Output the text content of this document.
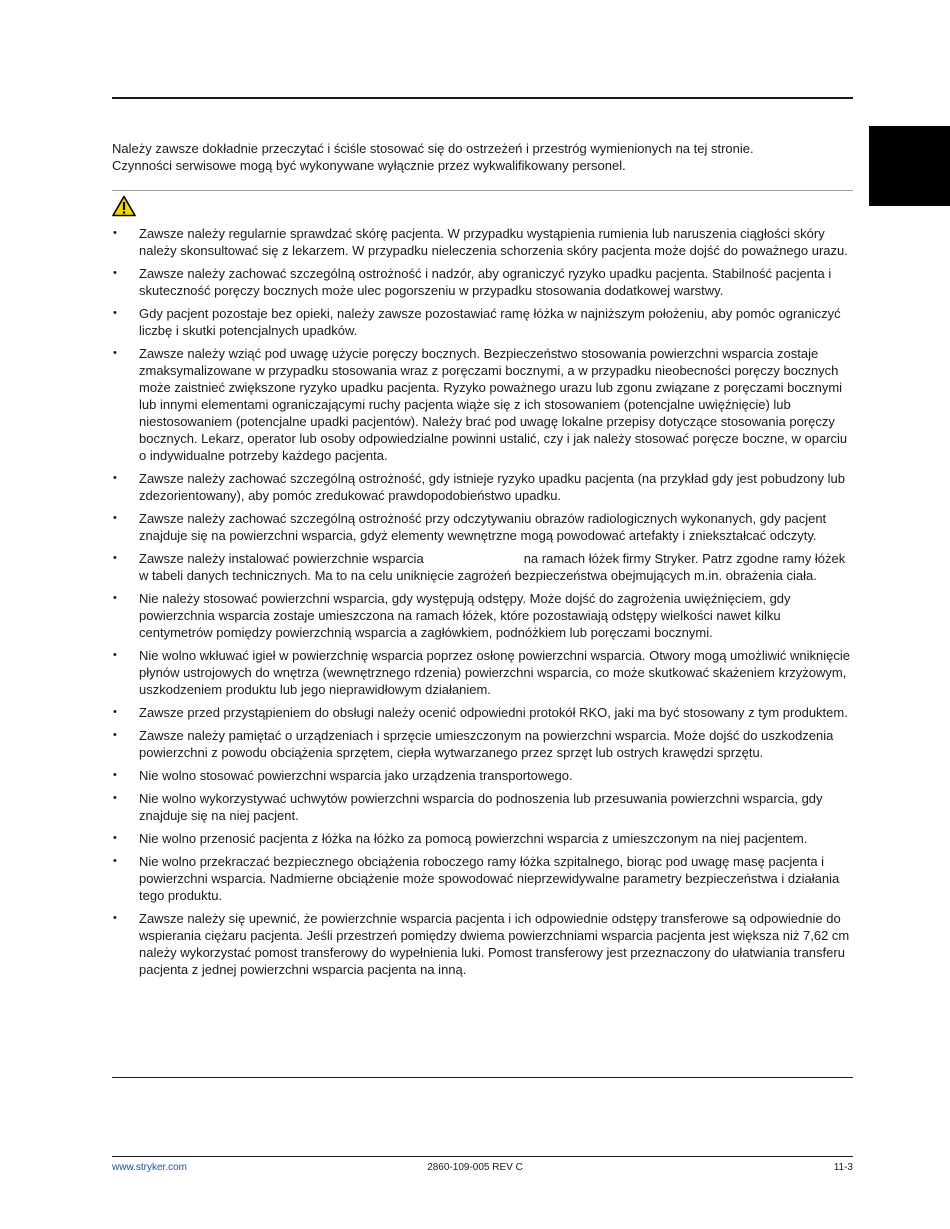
Należy zawsze dokładnie przeczytać i ściśle stosować się do ostrzeżeń i przestróg wymienionych na tej stronie.

Czynności serwisowe mogą być wykonywane wyłącznie przez wykwalifikowany personel.

• Zawsze należy regularnie sprawdzać skórę pacjenta. W przypadku wystąpienia rumienia lub naruszenia ciągłości skóry należy skonsultować się z lekarzem. W przypadku nieleczenia schorzenia skóry pacjenta może dojść do poważnego urazu.
• Zawsze należy zachować szczególną ostrożność i nadzór, aby ograniczyć ryzyko upadku pacjenta. Stabilność pacjenta i skuteczność poręczy bocznych może ulec pogorszeniu w przypadku stosowania dodatkowej warstwy.
• Gdy pacjent pozostaje bez opieki, należy zawsze pozostawiać ramę łóżka w najniższym położeniu, aby pomóc ograniczyć liczbę i skutki potencjalnych upadków.
• Zawsze należy wziąć pod uwagę użycie poręczy bocznych. Bezpieczeństwo stosowania powierzchni wsparcia zostaje zmaksymalizowane w przypadku stosowania wraz z poręczami bocznymi, a w przypadku nieobecności poręczy bocznych może zaistnieć zwiększone ryzyko upadku pacjenta. Ryzyko poważnego urazu lub zgonu związane z poręczami bocznymi lub innymi elementami ograniczającymi ruchy pacjenta wiąże się z ich stosowaniem (potencjalne uwięźnięcie) lub niestosowaniem (potencjalne upadki pacjentów). Należy brać pod uwagę lokalne przepisy dotyczące stosowania poręczy bocznych. Lekarz, operator lub osoby odpowiedzialne powinni ustalić, czy i jak należy stosować poręcze boczne, w oparciu o indywidualne potrzeby każdego pacjenta.
• Zawsze należy zachować szczególną ostrożność, gdy istnieje ryzyko upadku pacjenta (na przykład gdy jest pobudzony lub zdezorientowany), aby pomóc zredukować prawdopodobieństwo upadku.
• Zawsze należy zachować szczególną ostrożność przy odczytywaniu obrazów radiologicznych wykonanych, gdy pacjent znajduje się na powierzchni wsparcia, gdyż elementy wewnętrzne mogą powodować artefakty i zniekształcać odczyty.
• Zawsze należy instalować powierzchnie wsparcia	na ramach łóżek firmy Stryker. Patrz zgodne ramy łóżek w tabeli danych technicznych. Ma to na celu uniknięcie zagrożeń bezpieczeństwa obejmujących m.in. obrażenia ciała.
• Nie należy stosować powierzchni wsparcia, gdy występują odstępy. Może dojść do zagrożenia uwięźnięciem, gdy powierzchnia wsparcia zostaje umieszczona na ramach łóżek, które pozostawiają odstępy wielkości nawet kilku centymetrów pomiędzy powierzchnią wsparcia a zagłówkiem, podnóżkiem lub poręczami bocznymi.
• Nie wolno wkłuwać igieł w powierzchnię wsparcia poprzez osłonę powierzchni wsparcia. Otwory mogą umożliwić wniknięcie płynów ustrojowych do wnętrza (wewnętrznego rdzenia) powierzchni wsparcia, co może skutkować skażeniem krzyżowym, uszkodzeniem produktu lub jego nieprawidłowym działaniem.
• Zawsze przed przystąpieniem do obsługi należy ocenić odpowiedni protokół RKO, jaki ma być stosowany z tym produktem.
• Zawsze należy pamiętać o urządzeniach i sprzęcie umieszczonym na powierzchni wsparcia. Może dojść do uszkodzenia powierzchni z powodu obciążenia sprzętem, ciepła wytwarzanego przez sprzęt lub ostrych krawędzi sprzętu.
• Nie wolno stosować powierzchni wsparcia jako urządzenia transportowego.
• Nie wolno wykorzystywać uchwytów powierzchni wsparcia do podnoszenia lub przesuwania powierzchni wsparcia, gdy znajduje się na niej pacjent.
• Nie wolno przenosić pacjenta z łóżka na łóżko za pomocą powierzchni wsparcia z umieszczonym na niej pacjentem.
• Nie wolno przekraczać bezpiecznego obciążenia roboczego ramy łóżka szpitalnego, biorąc pod uwagę masę pacjenta i powierzchni wsparcia. Nadmierne obciążenie może spowodować nieprzewidywalne parametry bezpieczeństwa i działania tego produktu.
• Zawsze należy się upewnić, że powierzchnie wsparcia pacjenta i ich odpowiednie odstępy transferowe są odpowiednie do wspierania ciężaru pacjenta. Jeśli przestrzeń pomiędzy dwiema powierzchniami wsparcia pacjenta jest większa niż 7,62 cm należy wykorzystać pomost transferowy do wypełnienia luki. Pomost transferowy jest przeznaczony do ułatwiania transferu pacjenta z jednej powierzchni wsparcia pacjenta na inną.
www.stryker.com	2860-109-005 REV C	11-3
